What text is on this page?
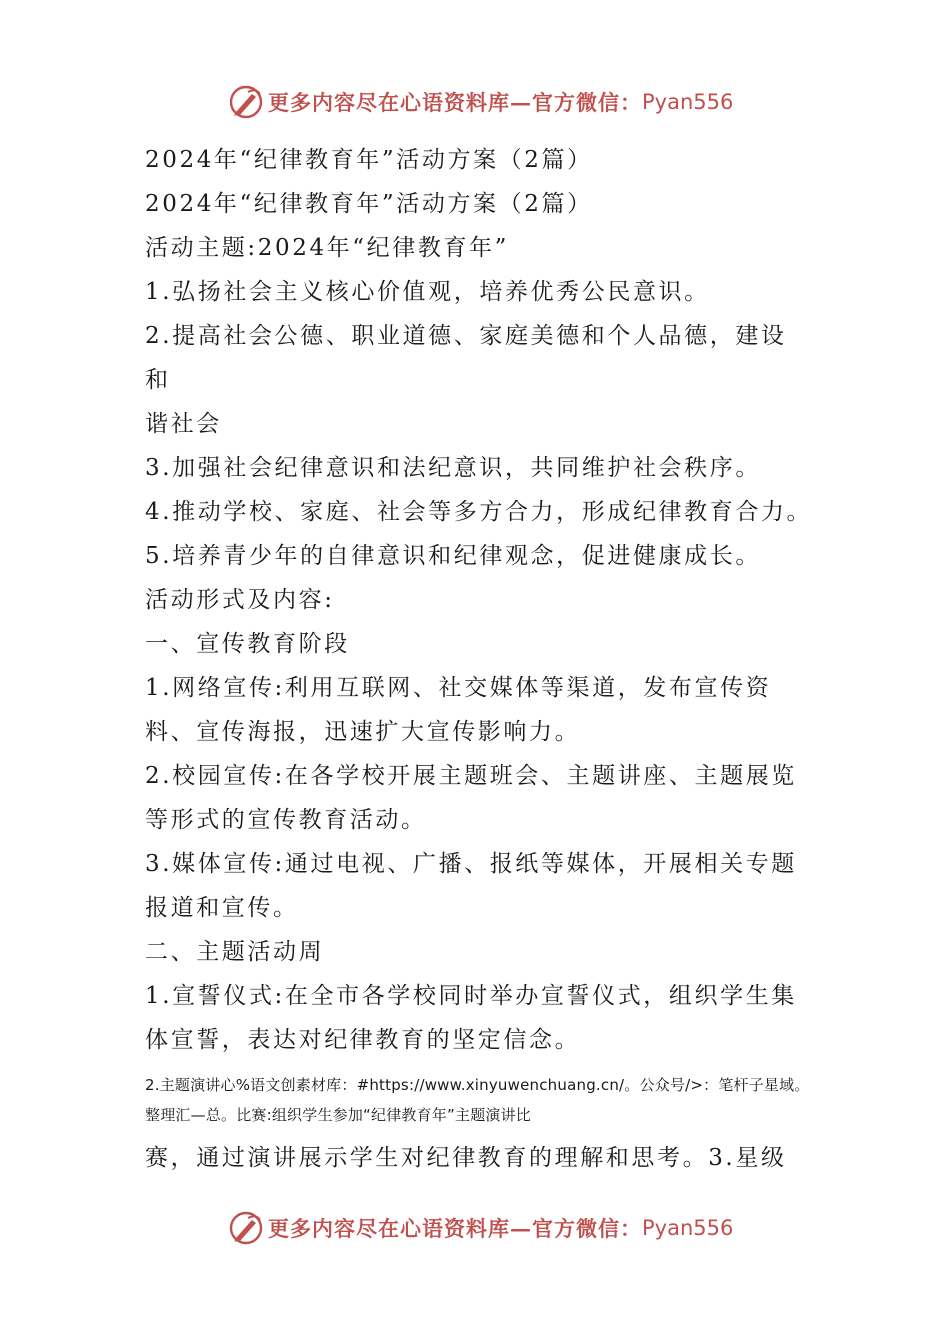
更多内容尽在心语资料库—官方微信： Pyan556
2024年“纪律教育年”活动方案（2篇）
2024年“纪律教育年”活动方案（2篇）
活动主题:2024年“纪律教育年”
1.弘扬社会主义核心价值观，培养优秀公民意识。
2.提高社会公德、职业道德、家庭美德和个人品德，建设
和
谐社会
3.加强社会纪律意识和法纪意识，共同维护社会秩序。
4.推动学校、家庭、社会等多方合力，形成纪律教育合力。
5.培养青少年的自律意识和纪律观念，促进健康成长。
活动形式及内容:
一、宣传教育阶段
1.网络宣传:利用互联网、社交媒体等渠道，发布宣传资
料、宣传海报，迅速扩大宣传影响力。
2.校园宣传:在各学校开展主题班会、主题讲座、主题展览
等形式的宣传教育活动。
3.媒体宣传:通过电视、广播、报纸等媒体，开展相关专题
报道和宣传。
二、主题活动周
1.宣誓仪式:在全市各学校同时举办宣誓仪式，组织学生集
体宣誓，表达对纪律教育的坚定信念。
2.主题演讲心%语文创素材库：#https://www.xinyuwenchuang.cn/。公众号/>：笔杆子星域。
整理汇—总。比赛:组织学生参加“纪律教育年”主题演讲比
赛，通过演讲展示学生对纪律教育的理解和思考。3.星级
更多内容尽在心语资料库—官方微信： Pyan556
